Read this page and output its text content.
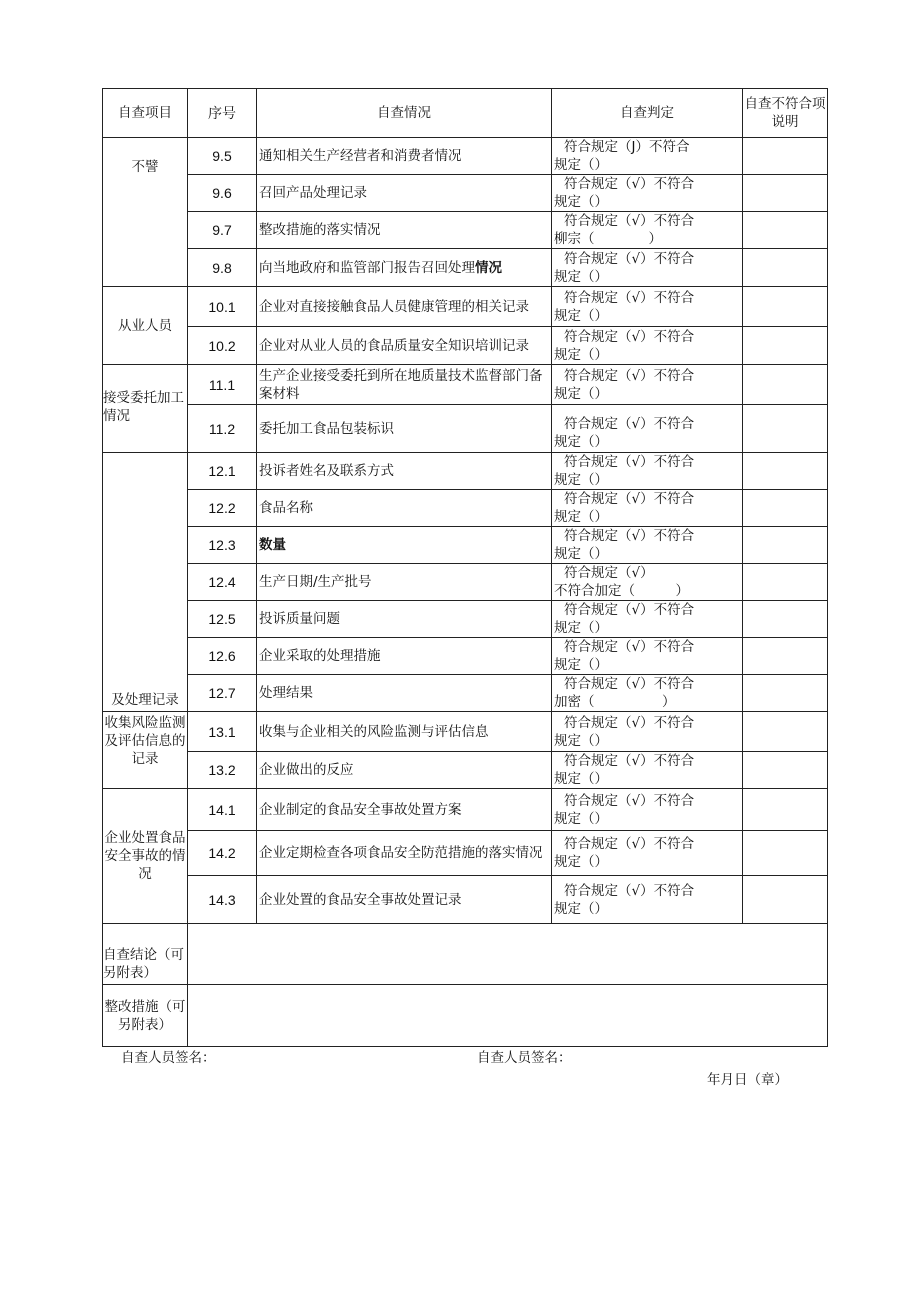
自查项目	序号	自查情况	自查判定	自查不符合项说明
不譬	9.5	通知相关生产经营者和消费者情况	符合规定（J）不符合
规定（）	

	9.6	召回产品处理记录	符合规定（√）不符合
规定（）	

	9.7	整改措施的落实情况	符合规定（√）不符合
柳宗（　　　　）	

	9.8	向当地政府和监管部门报告召回处理情况	符合规定（√）不符合
规定（）	

从业人员	10.1	企业对直接接触食品人员健康管理的相关记录	符合规定（√）不符合
规定（）	

	10.2	企业对从业人员的食品质量安全知识培训记录	符合规定（√）不符合
规定（）	

接受委托加工情况	11.1	生产企业接受委托到所在地质量技术监督部门备案材料	符合规定（√）不符合
规定（）	

	11.2	委托加工食品包装标识	符合规定（√）不符合
规定（）	

及处理记录	12.1	投诉者姓名及联系方式	符合规定（√）不符合
规定（）	

	12.2	食品名称	符合规定（√）不符合
规定（）	

	12.3	数量	符合规定（√）不符合
规定（）	

	12.4	生产日期/生产批号	符合规定（√）
不符合加定（　　　）	

	12.5	投诉质量问题	符合规定（√）不符合
规定（）	

	12.6	企业采取的处理措施	符合规定（√）不符合
规定（）	

	12.7	处理结果	符合规定（√）不符合
加密（　　　　　）	

收集风险监测及评估信息的记录	13.1	收集与企业相关的风险监测与评估信息	符合规定（√）不符合
规定（）	

	13.2	企业做出的反应	符合规定（√）不符合
规定（）	

企业处置食品安全事故的情况	14.1	企业制定的食品安全事故处置方案	符合规定（√）不符合
规定（）	

	14.2	企业定期检查各项食品安全防范措施的落实情况	符合规定（√）不符合
规定（）	

	14.3	企业处置的食品安全事故处置记录	符合规定（√）不符合
规定（）	

自查结论（可另附表）				
整改措施（可另附表）				
自查人员签名：	自查人员签名：
年月日（章）
